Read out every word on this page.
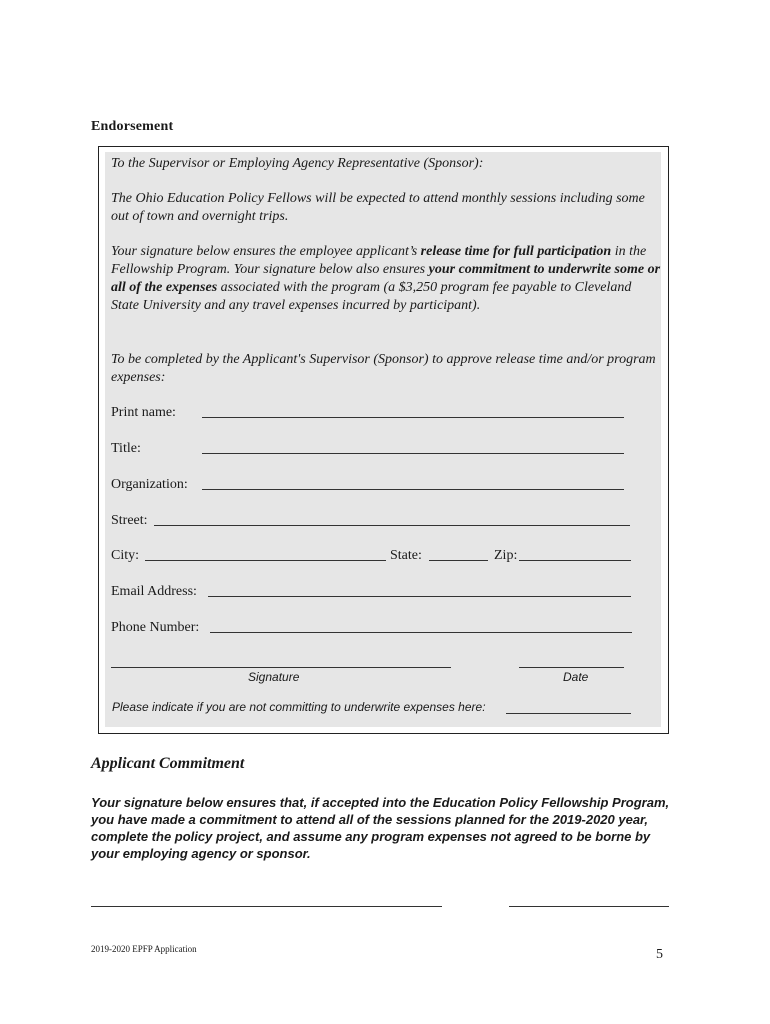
Endorsement
To the Supervisor or Employing Agency Representative (Sponsor):
The Ohio Education Policy Fellows will be expected to attend monthly sessions including some out of town and overnight trips.
Your signature below ensures the employee applicant’s release time for full participation in the Fellowship Program. Your signature below also ensures your commitment to underwrite some or all of the expenses associated with the program (a $3,250 program fee payable to Cleveland State University and any travel expenses incurred by participant).
To be completed by the Applicant's Supervisor (Sponsor) to approve release time and/or program expenses:
Print name:
Title:
Organization:
Street:
City:	State:	Zip:
Email Address:
Phone Number:
Signature	Date
Please indicate if you are not committing to underwrite expenses here:
Applicant Commitment
Your signature below ensures that, if accepted into the Education Policy Fellowship Program, you have made a commitment to attend all of the sessions planned for the 2019-2020 year, complete the policy project, and assume any program expenses not agreed to be borne by your employing agency or sponsor.
2019-2020 EPFP Application	5
